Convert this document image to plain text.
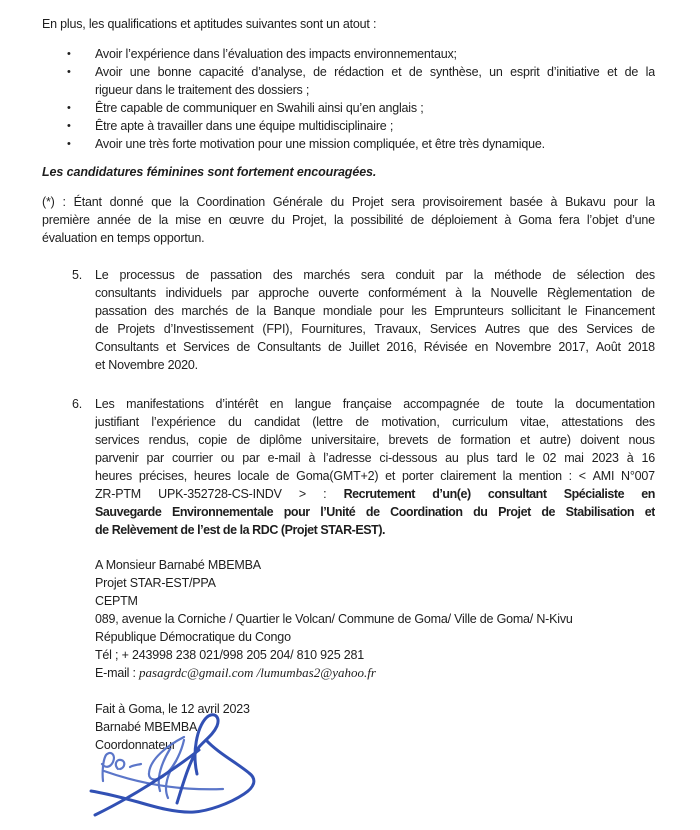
En plus, les qualifications et aptitudes suivantes sont un atout :
•	Avoir l’expérience dans l’évaluation des impacts environnementaux;
•	Avoir une bonne capacité d’analyse, de rédaction et de synthèse, un esprit d’initiative et de la
rigueur dans le traitement des dossiers ;
•	Être capable de communiquer en Swahili ainsi qu’en anglais ;
•	Être apte à travailler dans une équipe multidisciplinaire ;
•	Avoir une très forte motivation pour une mission compliquée, et être très dynamique.
Les candidatures féminines sont fortement encouragées.
(*) : Étant donné que la Coordination Générale du Projet sera provisoirement basée à Bukavu pour la
première année de la mise en œuvre du Projet, la possibilité de déploiement à Goma fera l’objet d’une
évaluation en temps opportun.
5.	Le processus de passation des marchés sera conduit par la méthode de sélection des
consultants individuels par approche ouverte conformément à la Nouvelle Règlementation de
passation des marchés de la Banque mondiale pour les Emprunteurs sollicitant le Financement
de Projets d’Investissement (FPI), Fournitures, Travaux, Services Autres que des Services de
Consultants et Services de Consultants de Juillet 2016, Révisée en Novembre 2017, Août 2018
et Novembre 2020.
6.	Les manifestations d’intérêt en langue française accompagnée de toute la documentation
justifiant l’expérience du candidat (lettre de motivation, curriculum vitae, attestations des
services rendus, copie de diplôme universitaire, brevets de formation et autre) doivent nous
parvenir par courrier ou par e-mail à l’adresse ci-dessous au plus tard le 02 mai 2023 à 16
heures précises, heures locale de Goma(GMT+2) et porter clairement la mention : < AMI N°007
ZR-PTM UPK-352728-CS-INDV > : Recrutement d’un(e) consultant Spécialiste en
Sauvegarde Environnementale pour l’Unité de Coordination du Projet de Stabilisation et
de Relèvement de l’est de la RDC (Projet STAR-EST).
A Monsieur Barnabé MBEMBA
Projet STAR-EST/PPA
CEPTM
089, avenue la Corniche / Quartier le Volcan/ Commune de Goma/ Ville de Goma/ N-Kivu
République Démocratique du Congo
Tél ; + 243998 238 021/998 205 204/ 810 925 281
E-mail : pasagrdc@gmail.com /lumumbas2@yahoo.fr
Fait à Goma, le 12 avril 2023
Barnabé MBEMBA
Coordonnateur
